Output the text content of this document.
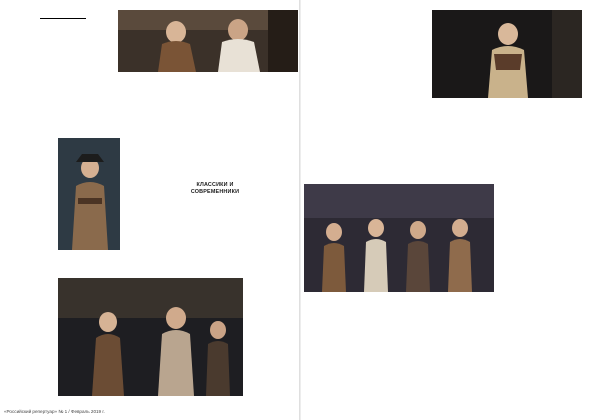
КЛАССИКИ И СОВРЕМЕННИКИ
«Российский репертуар» № 1 / Февраль 2019 г.
